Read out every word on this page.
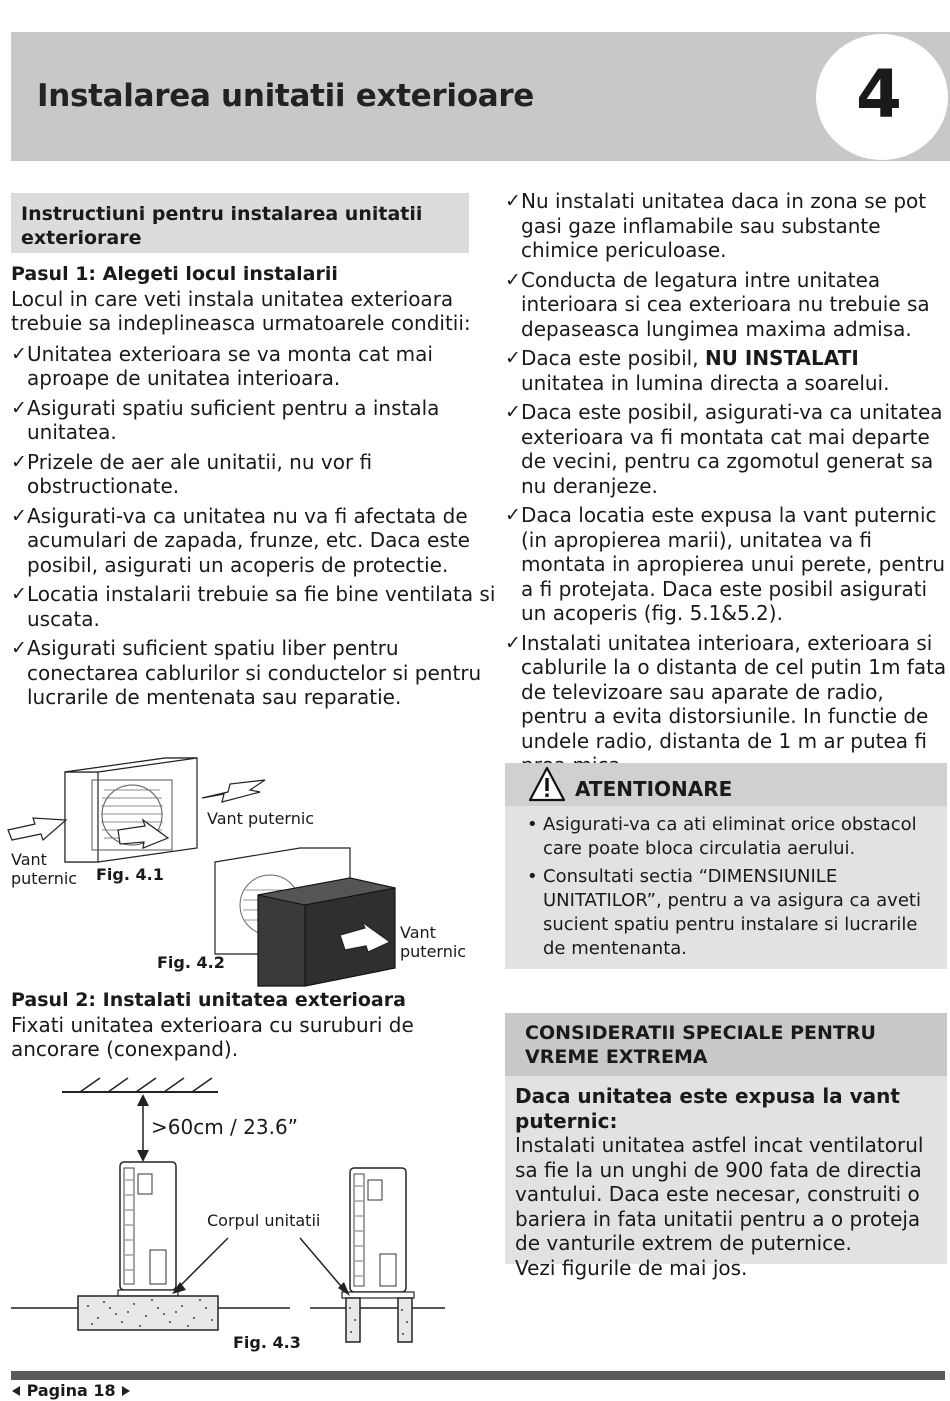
Instalarea unitatii exterioare	4
Instructiuni pentru instalarea unitatii exteriorare
Pasul 1: Alegeti locul instalarii
Locul in care veti instala unitatea exterioara trebuie sa indeplineasca urmatoarele conditii:
✓ Unitatea exterioara se va monta cat mai aproape de unitatea interioara.
✓ Asigurati spatiu suficient pentru a instala unitatea.
✓ Prizele de aer ale unitatii, nu vor fi obstructionate.
✓ Asigurati-va ca unitatea nu va fi afectata de acumulari de zapada, frunze, etc. Daca este posibil, asigurati un acoperis de protectie.
✓ Locatia instalarii trebuie sa fie bine ventilata si uscata.
✓ Asigurati suficient spatiu liber pentru conectarea cablurilor si conductelor si pentru lucrarile de mentenata sau reparatie.
Vant puternic
Vant
puternic Fig. 4.1
Vant
puternic
Fig. 4.2
Pasul 2: Instalati unitatea exterioara
Fixati unitatea exterioara cu suruburi de ancorare (conexpand).
>60cm / 23.6”
Corpul unitatii
Fig. 4.3
✓ Nu instalati unitatea daca in zona se pot gasi gaze inflamabile sau substante chimice periculoase.
✓ Conducta de legatura intre unitatea interioara si cea exterioara nu trebuie sa depaseasca lungimea maxima admisa.
✓ Daca este posibil, NU INSTALATI unitatea in lumina directa a soarelui.
✓ Daca este posibil, asigurati-va ca unitatea exterioara va fi montata cat mai departe de vecini, pentru ca zgomotul generat sa nu deranjeze.
✓ Daca locatia este expusa la vant puternic (in apropierea marii), unitatea va fi montata in apropierea unui perete, pentru a fi protejata. Daca este posibil asigurati un acoperis (fig. 5.1&5.2).
✓ Instalati unitatea interioara, exterioara si cablurile la o distanta de cel putin 1m fata de televizoare sau aparate de radio, pentru a evita distorsiunile. In functie de undele radio, distanta de 1 m ar putea fi
ATENTIONARE
• Asigurati-va ca ati eliminat orice obstacol care poate bloca circulatia aerului.
• Consultati sectia “DIMENSIUNILE UNITATILOR”, pentru a va asigura ca aveti sucient spatiu pentru instalare si lucrarile de mentenanta.
CONSIDERATII SPECIALE PENTRU VREME EXTREMA
Daca unitatea este expusa la vant puternic:
Instalati unitatea astfel incat ventilatorul sa fie la un unghi de 900 fata de directia vantului. Daca este necesar, construiti o bariera in fata unitatii pentru a o proteja de vanturile extrem de puternice.
Vezi figurile de mai jos.
Pagina 18
